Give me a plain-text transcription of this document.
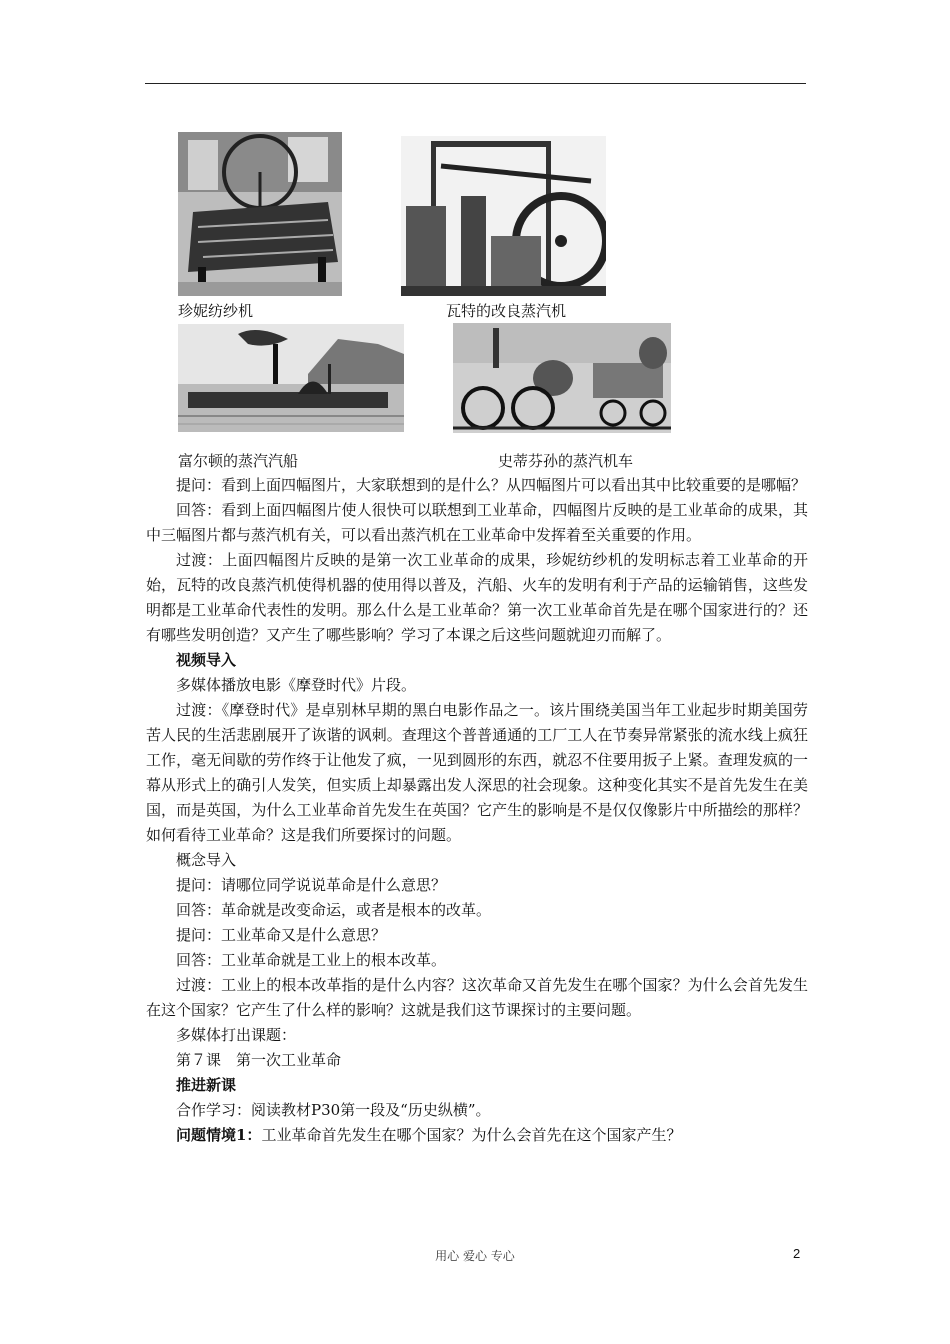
珍妮纺纱机	瓦特的改良蒸汽机
富尔顿的蒸汽汽船	史蒂芬孙的蒸汽机车

提问：看到上面四幅图片，大家联想到的是什么？从四幅图片可以看出其中比较重要的是哪幅？

回答：看到上面四幅图片使人很快可以联想到工业革命，四幅图片反映的是工业革命的成果，其中三幅图片都与蒸汽机有关，可以看出蒸汽机在工业革命中发挥着至关重要的作用。

过渡：上面四幅图片反映的是第一次工业革命的成果，珍妮纺纱机的发明标志着工业革命的开始，瓦特的改良蒸汽机使得机器的使用得以普及，汽船、火车的发明有利于产品的运输销售，这些发明都是工业革命代表性的发明。那么什么是工业革命？第一次工业革命首先是在哪个国家进行的？还有哪些发明创造？又产生了哪些影响？学习了本课之后这些问题就迎刃而解了。

视频导入

多媒体播放电影《摩登时代》片段。

过渡：《摩登时代》是卓别林早期的黑白电影作品之一。该片围绕美国当年工业起步时期美国劳苦人民的生活悲剧展开了诙谐的讽刺。查理这个普普通通的工厂工人在节奏异常紧张的流水线上疯狂工作，毫无间歇的劳作终于让他发了疯，一见到圆形的东西，就忍不住要用扳子上紧。查理发疯的一幕从形式上的确引人发笑，但实质上却暴露出发人深思的社会现象。这种变化其实不是首先发生在美国，而是英国，为什么工业革命首先发生在英国？它产生的影响是不是仅仅像影片中所描绘的那样？如何看待工业革命？这是我们所要探讨的问题。

概念导入

提问：请哪位同学说说革命是什么意思？

回答：革命就是改变命运，或者是根本的改革。

提问：工业革命又是什么意思？

回答：工业革命就是工业上的根本改革。

过渡：工业上的根本改革指的是什么内容？这次革命又首先发生在哪个国家？为什么会首先发生在这个国家？它产生了什么样的影响？这就是我们这节课探讨的主要问题。

多媒体打出课题：

第７课　第一次工业革命

推进新课

合作学习：阅读教材P30第一段及“历史纵横”。

问题情境1：工业革命首先发生在哪个国家？为什么会首先在这个国家产生？

用心 爱心 专心	2
